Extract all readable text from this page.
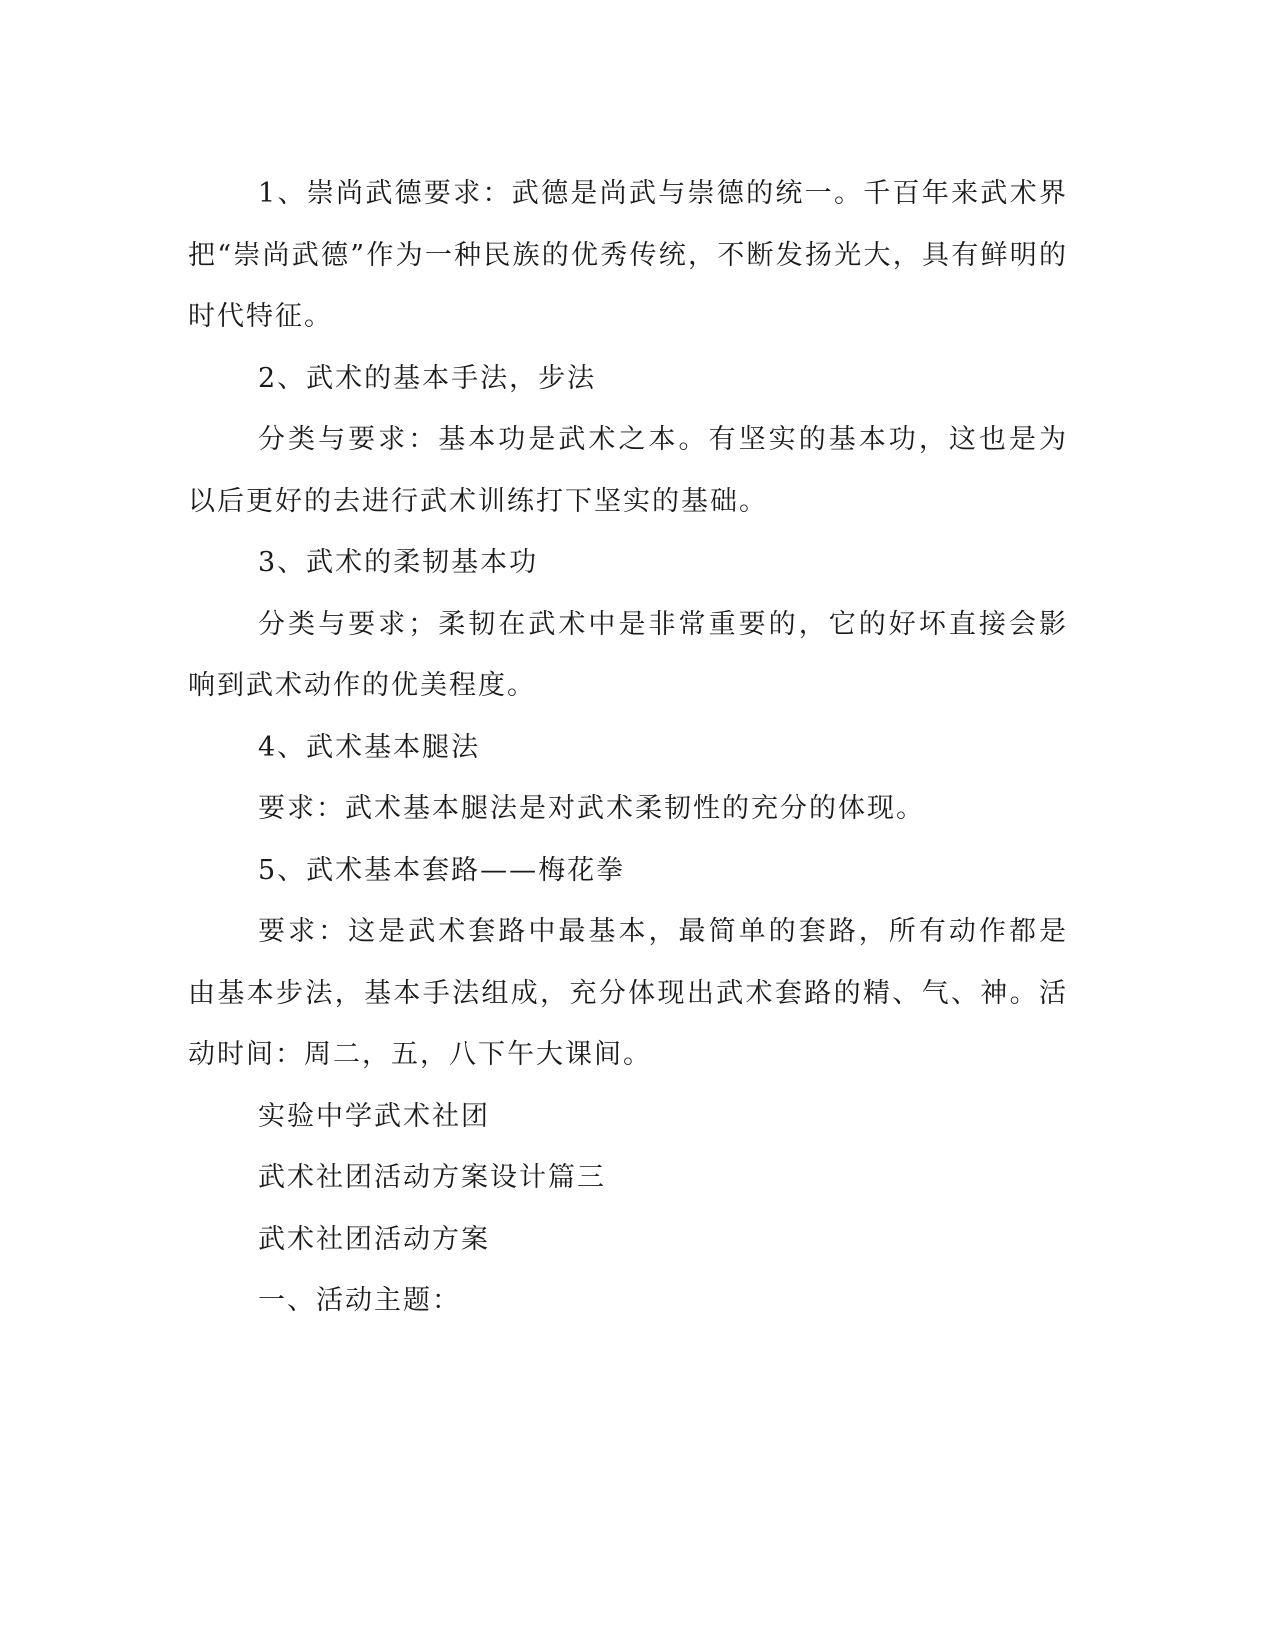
1、崇尚武德要求：武德是尚武与崇德的统一。千百年来武术界把“崇尚武德”作为一种民族的优秀传统，不断发扬光大，具有鲜明的时代特征。

2、武术的基本手法，步法

分类与要求：基本功是武术之本。有坚实的基本功，这也是为以后更好的去进行武术训练打下坚实的基础。

3、武术的柔韧基本功

分类与要求；柔韧在武术中是非常重要的，它的好坏直接会影响到武术动作的优美程度。

4、武术基本腿法

要求：武术基本腿法是对武术柔韧性的充分的体现。

5、武术基本套路——梅花拳

要求：这是武术套路中最基本，最简单的套路，所有动作都是由基本步法，基本手法组成，充分体现出武术套路的精、气、神。活动时间：周二，五，八下午大课间。

实验中学武术社团

武术社团活动方案设计篇三

武术社团活动方案

一、活动主题：
